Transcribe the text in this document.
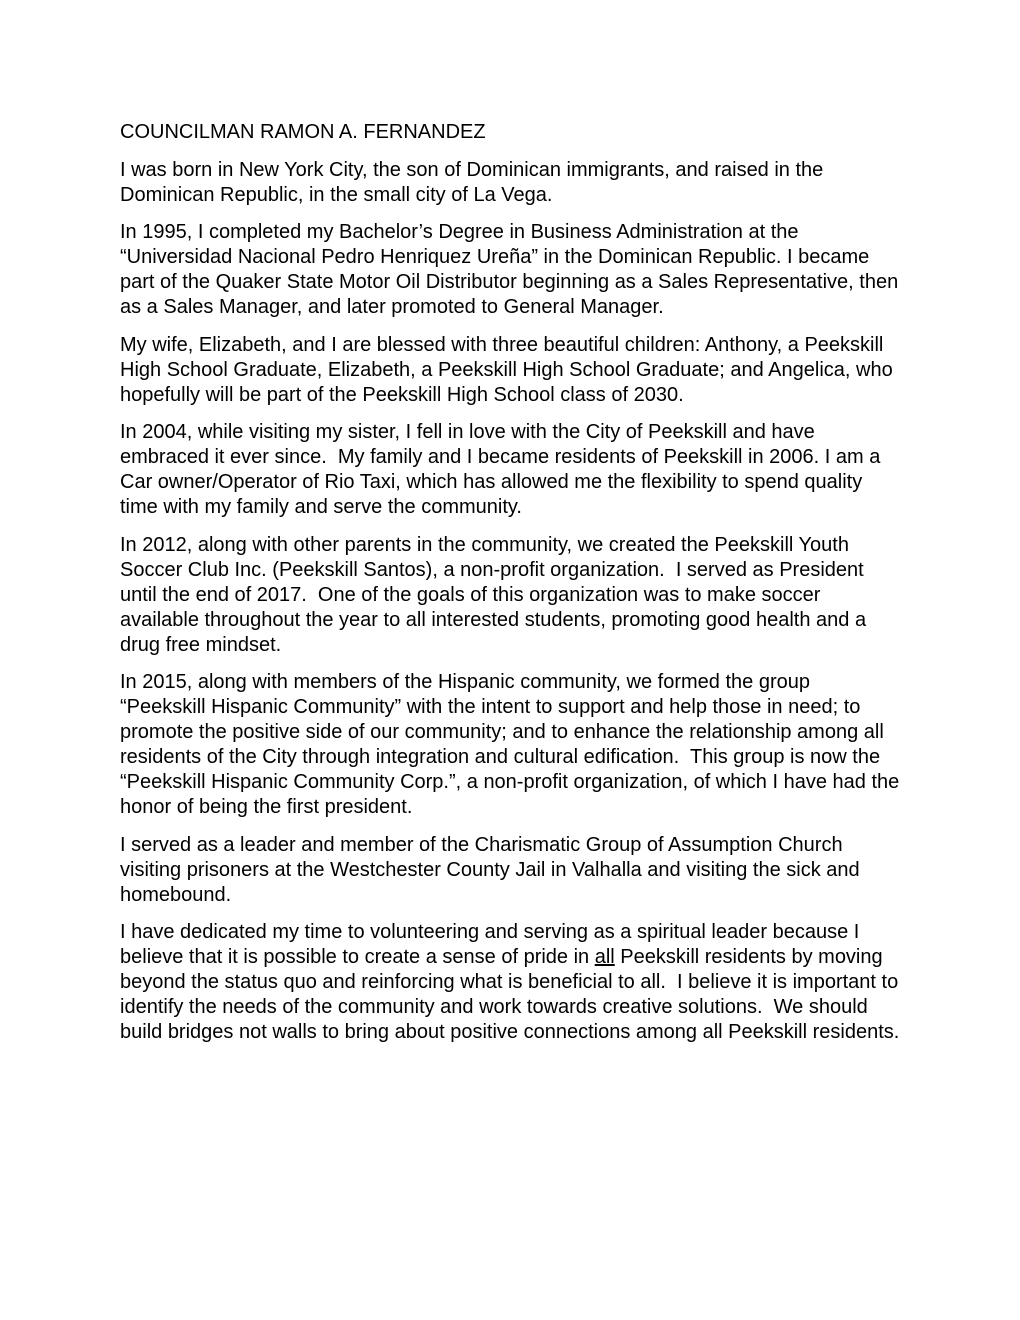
COUNCILMAN RAMON A. FERNANDEZ

I was born in New York City, the son of Dominican immigrants, and raised in the Dominican Republic, in the small city of La Vega.

In 1995, I completed my Bachelor’s Degree in Business Administration at the “Universidad Nacional Pedro Henriquez Ureña” in the Dominican Republic. I became part of the Quaker State Motor Oil Distributor beginning as a Sales Representative, then as a Sales Manager, and later promoted to General Manager.

My wife, Elizabeth, and I are blessed with three beautiful children: Anthony, a Peekskill High School Graduate, Elizabeth, a Peekskill High School Graduate; and Angelica, who hopefully will be part of the Peekskill High School class of 2030.

In 2004, while visiting my sister, I fell in love with the City of Peekskill and have embraced it ever since.  My family and I became residents of Peekskill in 2006. I am a Car owner/Operator of Rio Taxi, which has allowed me the flexibility to spend quality time with my family and serve the community.

In 2012, along with other parents in the community, we created the Peekskill Youth Soccer Club Inc. (Peekskill Santos), a non-profit organization.  I served as President until the end of 2017.  One of the goals of this organization was to make soccer available throughout the year to all interested students, promoting good health and a drug free mindset.

In 2015, along with members of the Hispanic community, we formed the group “Peekskill Hispanic Community” with the intent to support and help those in need; to promote the positive side of our community; and to enhance the relationship among all residents of the City through integration and cultural edification.  This group is now the “Peekskill Hispanic Community Corp.”, a non-profit organization, of which I have had the honor of being the first president.

I served as a leader and member of the Charismatic Group of Assumption Church visiting prisoners at the Westchester County Jail in Valhalla and visiting the sick and homebound.

I have dedicated my time to volunteering and serving as a spiritual leader because I believe that it is possible to create a sense of pride in all Peekskill residents by moving beyond the status quo and reinforcing what is beneficial to all.  I believe it is important to identify the needs of the community and work towards creative solutions.  We should build bridges not walls to bring about positive connections among all Peekskill residents.
